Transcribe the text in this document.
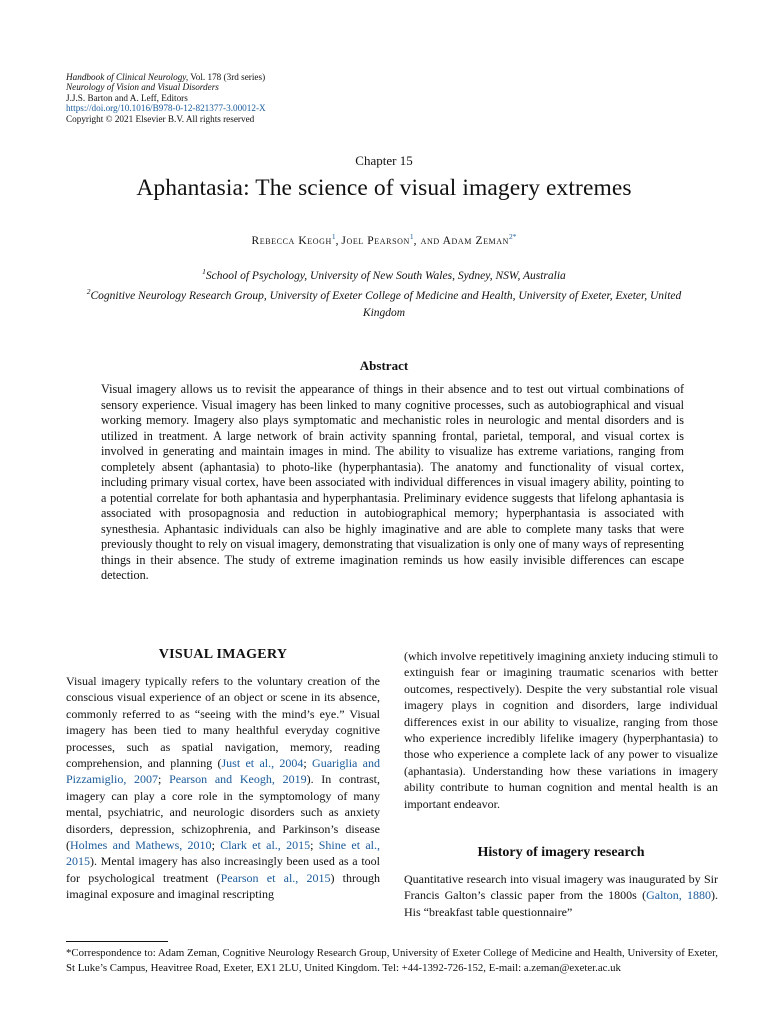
Handbook of Clinical Neurology, Vol. 178 (3rd series)
Neurology of Vision and Visual Disorders
J.J.S. Barton and A. Leff, Editors
https://doi.org/10.1016/B978-0-12-821377-3.00012-X
Copyright © 2021 Elsevier B.V. All rights reserved
Chapter 15
Aphantasia: The science of visual imagery extremes
Rebecca Keogh$^1$, Joel Pearson$^1$, and Adam Zeman$^{2*}$
$^1$School of Psychology, University of New South Wales, Sydney, NSW, Australia
$^2$Cognitive Neurology Research Group, University of Exeter College of Medicine and Health, University of Exeter, Exeter, United Kingdom
Abstract
Visual imagery allows us to revisit the appearance of things in their absence and to test out virtual combinations of sensory experience. Visual imagery has been linked to many cognitive processes, such as autobiographical and visual working memory. Imagery also plays symptomatic and mechanistic roles in neurologic and mental disorders and is utilized in treatment. A large network of brain activity spanning frontal, parietal, temporal, and visual cortex is involved in generating and maintain images in mind. The ability to visualize has extreme variations, ranging from completely absent (aphantasia) to photo-like (hyperphantasia). The anatomy and functionality of visual cortex, including primary visual cortex, have been associated with individual differences in visual imagery ability, pointing to a potential correlate for both aphantasia and hyperphantasia. Preliminary evidence suggests that lifelong aphantasia is associated with prosopagnosia and reduction in autobiographical memory; hyperphantasia is associated with synesthesia. Aphantasic individuals can also be highly imaginative and are able to complete many tasks that were previously thought to rely on visual imagery, demonstrating that visualization is only one of many ways of representing things in their absence. The study of extreme imagination reminds us how easily invisible differences can escape detection.
VISUAL IMAGERY
Visual imagery typically refers to the voluntary creation of the conscious visual experience of an object or scene in its absence, commonly referred to as “seeing with the mind’s eye.” Visual imagery has been tied to many healthful everyday cognitive processes, such as spatial navigation, memory, reading comprehension, and planning (Just et al., 2004; Guariglia and Pizzamiglio, 2007; Pearson and Keogh, 2019). In contrast, imagery can play a core role in the symptomology of many mental, psychiatric, and neurologic disorders such as anxiety disorders, depression, schizophrenia, and Parkinson’s disease (Holmes and Mathews, 2010; Clark et al., 2015; Shine et al., 2015). Mental imagery has also increasingly been used as a tool for psychological treatment (Pearson et al., 2015) through imaginal exposure and imaginal rescripting
(which involve repetitively imagining anxiety inducing stimuli to extinguish fear or imagining traumatic scenarios with better outcomes, respectively). Despite the very substantial role visual imagery plays in cognition and disorders, large individual differences exist in our ability to visualize, ranging from those who experience incredibly lifelike imagery (hyperphantasia) to those who experience a complete lack of any power to visualize (aphantasia). Understanding how these variations in imagery ability contribute to human cognition and mental health is an important endeavor.
History of imagery research
Quantitative research into visual imagery was inaugurated by Sir Francis Galton’s classic paper from the 1800s (Galton, 1880). His “breakfast table questionnaire”
*Correspondence to: Adam Zeman, Cognitive Neurology Research Group, University of Exeter College of Medicine and Health, University of Exeter, St Luke’s Campus, Heavitree Road, Exeter, EX1 2LU, United Kingdom. Tel: +44-1392-726-152, E-mail: a.zeman@exeter.ac.uk
